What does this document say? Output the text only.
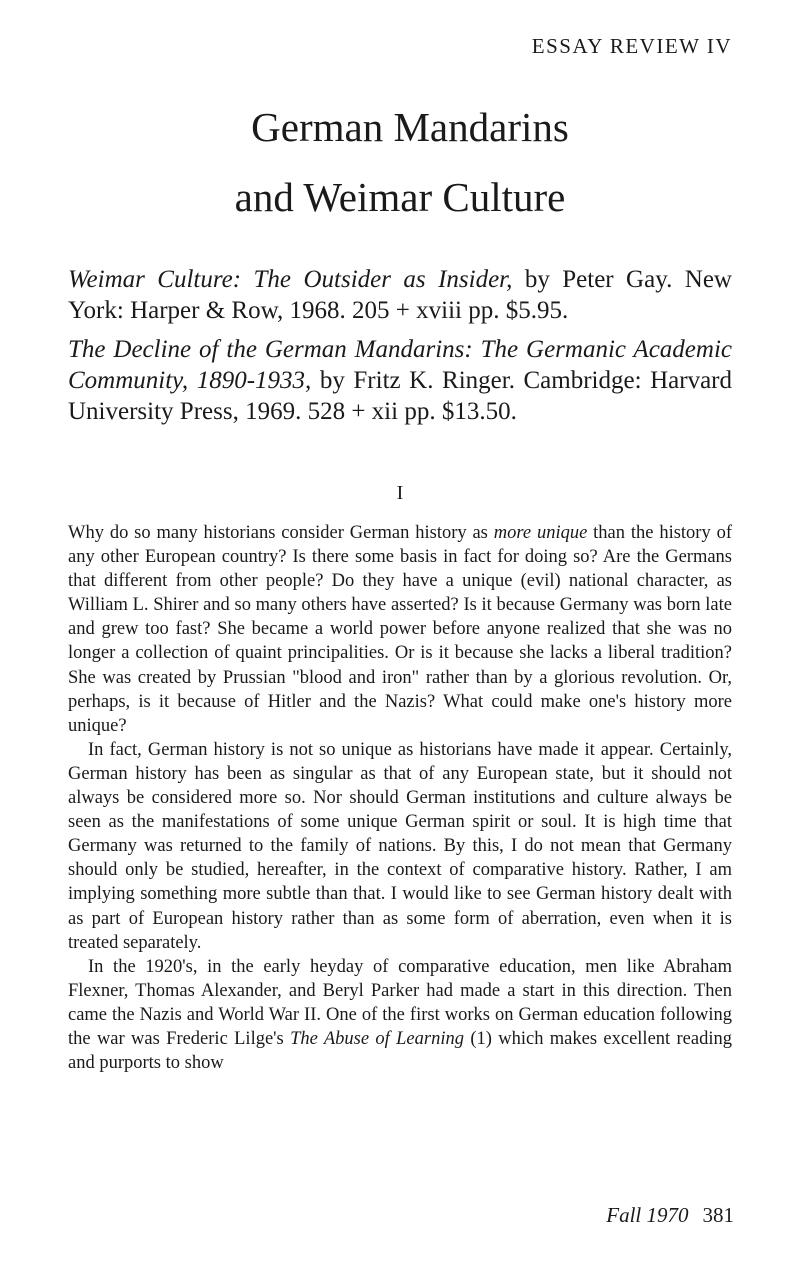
ESSAY REVIEW IV
German Mandarins
and Weimar Culture

Weimar Culture: The Outsider as Insider, by Peter Gay. New York: Harper & Row, 1968. 205 + xviii pp. $5.95.

The Decline of the German Mandarins: The Germanic Academic Community, 1890-1933, by Fritz K. Ringer. Cambridge: Harvard University Press, 1969. 528 + xii pp. $13.50.

I

Why do so many historians consider German history as more unique than the history of any other European country? Is there some basis in fact for doing so? Are the Germans that different from other people? Do they have a unique (evil) national character, as William L. Shirer and so many others have asserted? Is it because Germany was born late and grew too fast? She became a world power before anyone realized that she was no longer a collection of quaint principalities. Or is it because she lacks a liberal tradition? She was created by Prussian "blood and iron" rather than by a glorious revolution. Or, perhaps, is it because of Hitler and the Nazis? What could make one's history more unique?

In fact, German history is not so unique as historians have made it appear. Certainly, German history has been as singular as that of any European state, but it should not always be considered more so. Nor should German institutions and culture always be seen as the manifestations of some unique German spirit or soul. It is high time that Germany was returned to the family of nations. By this, I do not mean that Germany should only be studied, hereafter, in the context of comparative history. Rather, I am implying something more subtle than that. I would like to see German history dealt with as part of European history rather than as some form of aberration, even when it is treated separately.

In the 1920's, in the early heyday of comparative education, men like Abraham Flexner, Thomas Alexander, and Beryl Parker had made a start in this direction. Then came the Nazis and World War II. One of the first works on German education following the war was Frederic Lilge's The Abuse of Learning (1) which makes excellent reading and purports to show

Fall 1970 381
